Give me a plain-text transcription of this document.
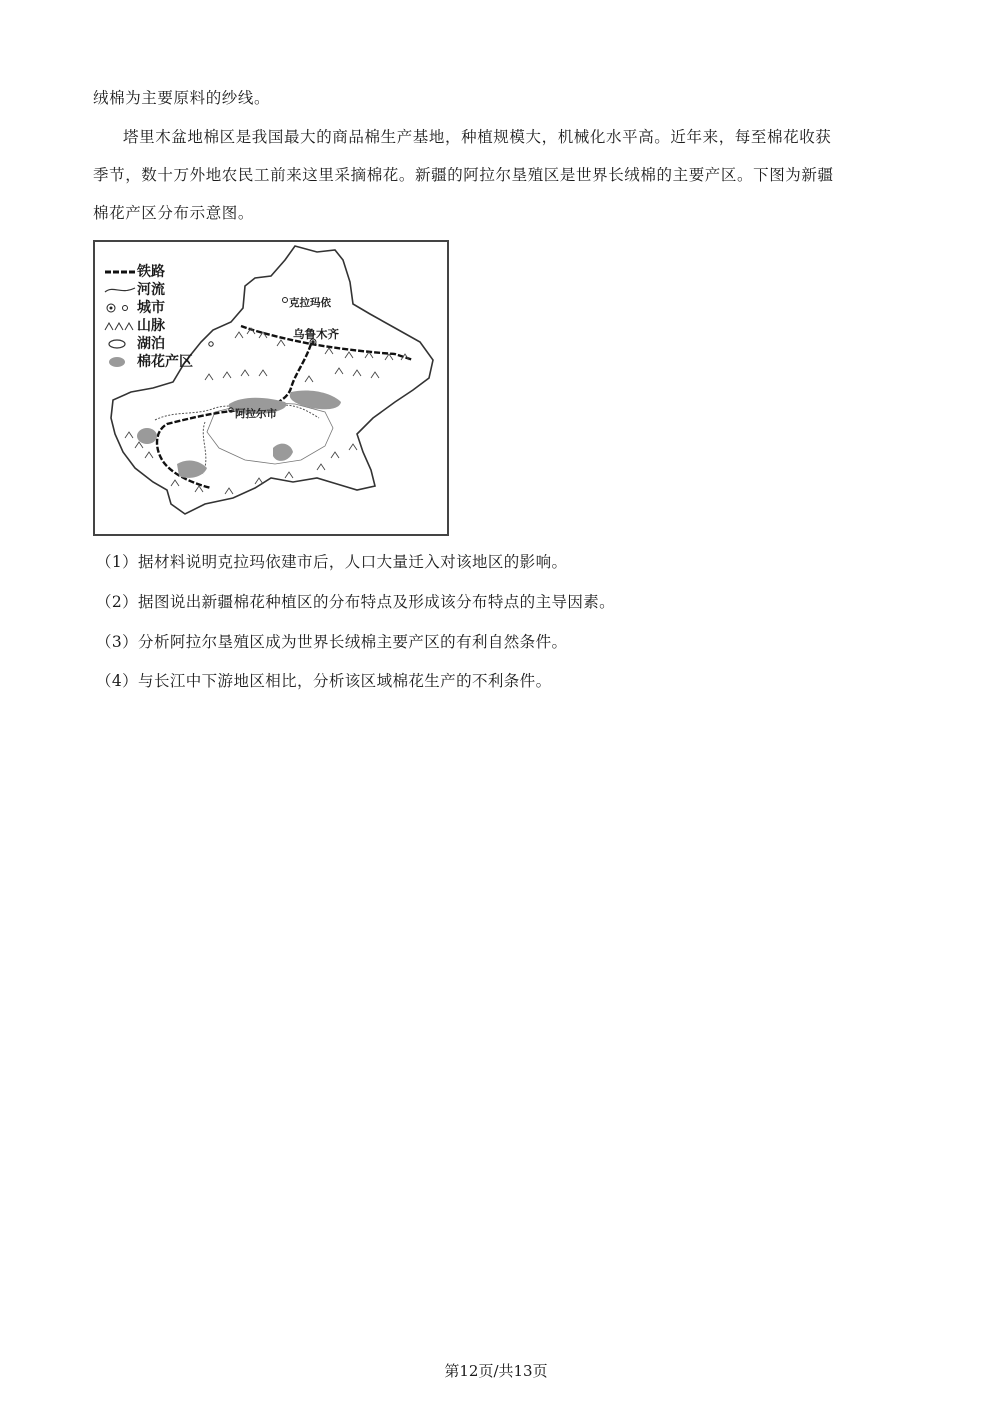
绒棉为主要原料的纱线。
塔里木盆地棉区是我国最大的商品棉生产基地，种植规模大，机械化水平高。近年来，每至棉花收获
季节，数十万外地农民工前来这里采摘棉花。新疆的阿拉尔垦殖区是世界长绒棉的主要产区。下图为新疆
棉花产区分布示意图。
铁路
河流
城市
山脉
湖泊
棉花产区
克拉玛依
乌鲁木齐
阿拉尔市
（1）据材料说明克拉玛依建市后，人口大量迁入对该地区的影响。
（2）据图说出新疆棉花种植区的分布特点及形成该分布特点的主导因素。
（3）分析阿拉尔垦殖区成为世界长绒棉主要产区的有利自然条件。
（4）与长江中下游地区相比，分析该区域棉花生产的不利条件。
第12页/共13页
